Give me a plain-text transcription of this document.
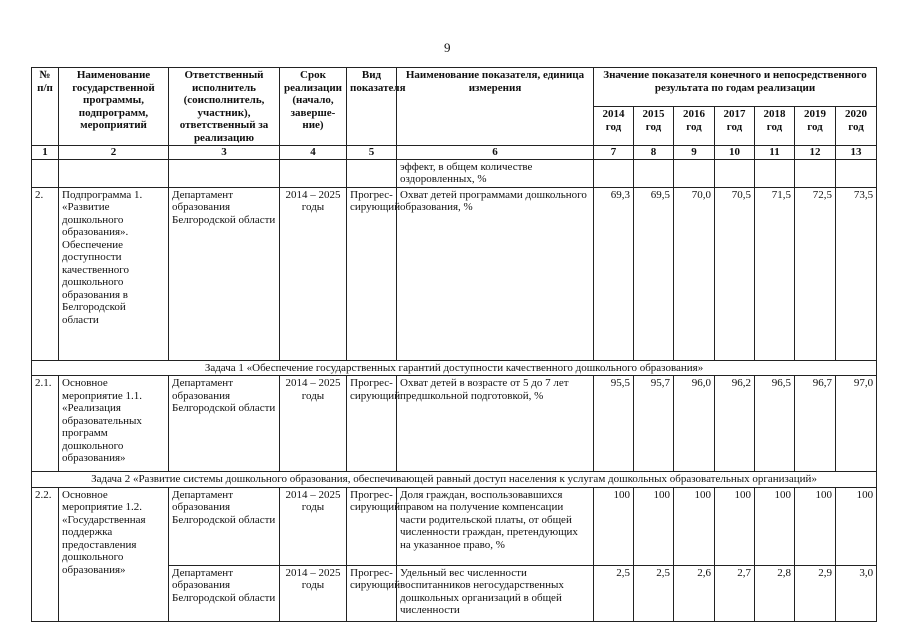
9
№ п/п	Наименование государственной программы, подпрограмм, мероприятий	Ответственный исполнитель (соисполнитель, участник), ответственный за реализацию	Срок реализации (начало, заверше-ние)	Вид показателя	Наименование показателя, единица измерения	Значение показателя конечного и непосредственного результата по годам реализации						
						2014 год	2015 год	2016 год	2017 год	2018 год	2019 год	2020 год
1	2	3	4	5	6	7	8	9	10	11	12	13
					эффект, в общем количестве оздоровленных, %							
2.	Подпрограмма 1. «Развитие дошкольного образования». Обеспечение доступности качественного дошкольного образования в Белгородской области	Департамент образования Белгородской области	2014 – 2025 годы	Прогрес-сирующий	Охват детей программами дошкольного образования, %	69,3	69,5	70,0	70,5	71,5	72,5	73,5
Задача 1 «Обеспечение государственных гарантий доступности качественного дошкольного образования»												
2.1.	Основное мероприятие 1.1. «Реализация образовательных программ дошкольного образования»	Департамент образования Белгородской области	2014 – 2025 годы	Прогрес-сирующий	Охват детей в возрасте от 5 до 7 лет предшкольной подготовкой, %	95,5	95,7	96,0	96,2	96,5	96,7	97,0
Задача 2 «Развитие системы дошкольного образования, обеспечивающей равный доступ населения к услугам дошкольных образовательных организаций»												
2.2.	Основное мероприятие 1.2. «Государственная поддержка предоставления дошкольного образования»	Департамент образования Белгородской области	2014 – 2025 годы	Прогрес-сирующий	Доля граждан, воспользовавшихся правом на получение компенсации части родительской платы, от общей численности граждан, претендующих на указанное право, %	100	100	100	100	100	100	100
		Департамент образования Белгородской области	2014 – 2025 годы	Прогрес-сирующий	Удельный вес численности воспитанников негосударственных дошкольных организаций в общей численности	2,5	2,5	2,6	2,7	2,8	2,9	3,0
